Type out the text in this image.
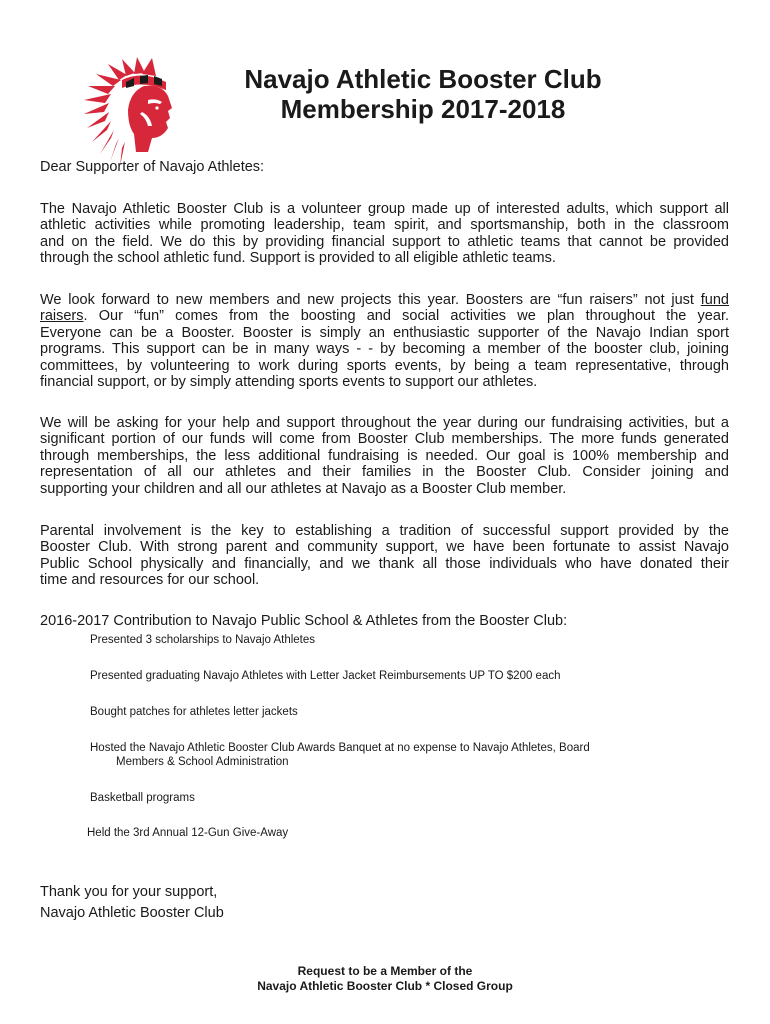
Navajo Athletic Booster Club
Membership 2017-2018
Dear Supporter of Navajo Athletes:
The Navajo Athletic Booster Club is a volunteer group made up of interested adults, which support all
athletic activities while promoting leadership, team spirit, and sportsmanship, both in the classroom
and on the field. We do this by providing financial support to athletic teams that cannot be provided
through the school athletic fund. Support is provided to all eligible athletic teams.
We look forward to new members and new projects this year. Boosters are “fun raisers” not just fund
raisers. Our “fun” comes from the boosting and social activities we plan throughout the year.
Everyone can be a Booster. Booster is simply an enthusiastic supporter of the Navajo Indian sport
programs. This support can be in many ways - - by becoming a member of the booster club, joining
committees, by volunteering to work during sports events, by being a team representative, through
financial support, or by simply attending sports events to support our athletes.
We will be asking for your help and support throughout the year during our fundraising activities, but a
significant portion of our funds will come from Booster Club memberships. The more funds generated
through memberships, the less additional fundraising is needed. Our goal is 100% membership and
representation of all our athletes and their families in the Booster Club. Consider joining and
supporting your children and all our athletes at Navajo as a Booster Club member.
Parental involvement is the key to establishing a tradition of successful support provided by the
Booster Club. With strong parent and community support, we have been fortunate to assist Navajo
Public School physically and financially, and we thank all those individuals who have donated their
time and resources for our school.
2016-2017 Contribution to Navajo Public School & Athletes from the Booster Club:
Presented 3 scholarships to Navajo Athletes
Presented graduating Navajo Athletes with Letter Jacket Reimbursements UP TO $200 each
Bought patches for athletes letter jackets
Hosted the Navajo Athletic Booster Club Awards Banquet at no expense to Navajo Athletes, Board
Members & School Administration
Basketball programs
Held the 3rd Annual 12-Gun Give-Away
Thank you for your support,
Navajo Athletic Booster Club
Request to be a Member of the
Navajo Athletic Booster Club * Closed Group
